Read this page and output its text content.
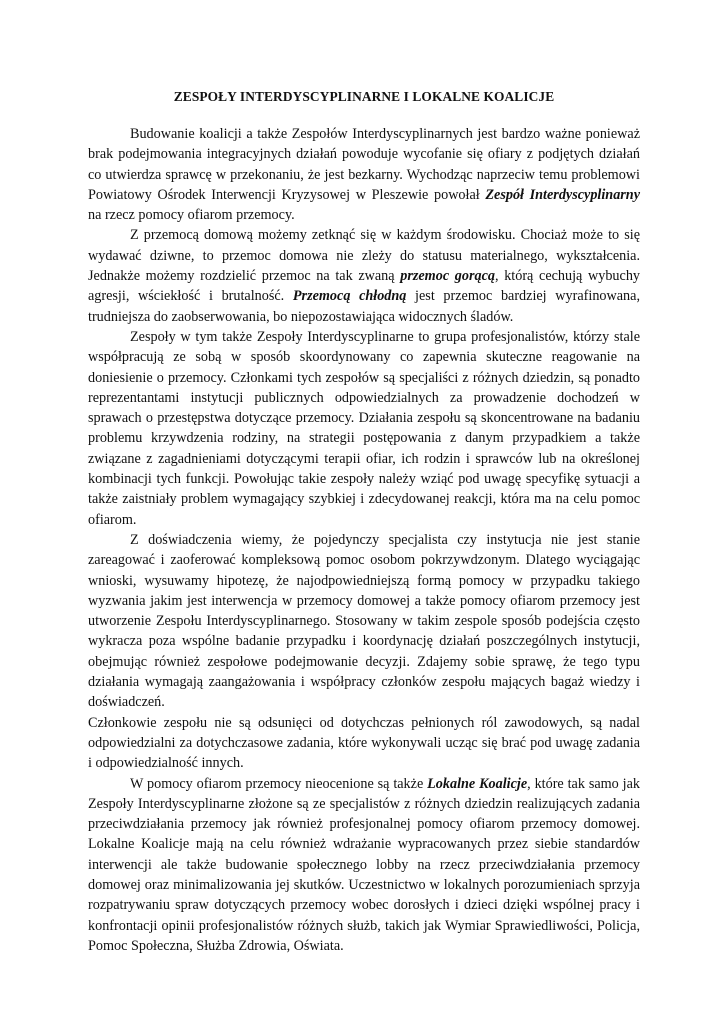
ZESPOŁY INTERDYSCYPLINARNE I LOKALNE KOALICJE

Budowanie koalicji a także Zespołów Interdyscyplinarnych jest bardzo ważne ponieważ brak podejmowania integracyjnych działań powoduje wycofanie się ofiary z podjętych działań co utwierdza sprawcę w przekonaniu, że jest bezkarny. Wychodząc naprzeciw temu problemowi Powiatowy Ośrodek Interwencji Kryzysowej w Pleszewie powołał Zespół Interdyscyplinarny na rzecz pomocy ofiarom przemocy.

Z przemocą domową możemy zetknąć się w każdym środowisku. Chociaż może to się wydawać dziwne, to przemoc domowa nie zleży do statusu materialnego, wykształcenia. Jednakże możemy rozdzielić przemoc na tak zwaną przemoc gorącą, którą cechują wybuchy agresji, wściekłość i brutalność. Przemocą chłodną jest przemoc bardziej wyrafinowana, trudniejsza do zaobserwowania, bo niepozostawiająca widocznych śladów.

Zespoły w tym także Zespoły Interdyscyplinarne to grupa profesjonalistów, którzy stale współpracują ze sobą w sposób skoordynowany co zapewnia skuteczne reagowanie na doniesienie o przemocy. Członkami tych zespołów są specjaliści z różnych dziedzin, są ponadto reprezentantami instytucji publicznych odpowiedzialnych za prowadzenie dochodzeń w sprawach o przestępstwa dotyczące przemocy. Działania zespołu są skoncentrowane na badaniu problemu krzywdzenia rodziny, na strategii postępowania z danym przypadkiem a także związane z zagadnieniami dotyczącymi terapii ofiar, ich rodzin i sprawców lub na określonej kombinacji tych funkcji. Powołując takie zespoły należy wziąć pod uwagę specyfikę sytuacji a także zaistniały problem wymagający szybkiej i zdecydowanej reakcji, która ma na celu pomoc ofiarom.

Z doświadczenia wiemy, że pojedynczy specjalista czy instytucja nie jest stanie zareagować i zaoferować kompleksową pomoc osobom pokrzywdzonym. Dlatego wyciągając wnioski, wysuwamy hipotezę, że najodpowiedniejszą formą pomocy w przypadku takiego wyzwania jakim jest interwencja w przemocy domowej a także pomocy ofiarom przemocy jest utworzenie Zespołu Interdyscyplinarnego. Stosowany w takim zespole sposób podejścia często wykracza poza wspólne badanie przypadku i koordynację działań poszczególnych instytucji, obejmując również zespołowe podejmowanie decyzji. Zdajemy sobie sprawę, że tego typu działania wymagają zaangażowania i współpracy członków zespołu mających bagaż wiedzy i doświadczeń.

Członkowie zespołu nie są odsunięci od dotychczas pełnionych ról zawodowych, są nadal odpowiedzialni za dotychczasowe zadania, które wykonywali ucząc się brać pod uwagę zadania i odpowiedzialność innych.

W pomocy ofiarom przemocy nieocenione są także Lokalne Koalicje, które tak samo jak Zespoły Interdyscyplinarne złożone są ze specjalistów z różnych dziedzin realizujących zadania przeciwdziałania przemocy jak również profesjonalnej pomocy ofiarom przemocy domowej. Lokalne Koalicje mają na celu również wdrażanie wypracowanych przez siebie standardów interwencji ale także budowanie społecznego lobby na rzecz przeciwdziałania przemocy domowej oraz minimalizowania jej skutków. Uczestnictwo w lokalnych porozumieniach sprzyja rozpatrywaniu spraw dotyczących przemocy wobec dorosłych i dzieci dzięki wspólnej pracy i konfrontacji opinii profesjonalistów różnych służb, takich jak Wymiar Sprawiedliwości, Policja, Pomoc Społeczna, Służba Zdrowia, Oświata.
